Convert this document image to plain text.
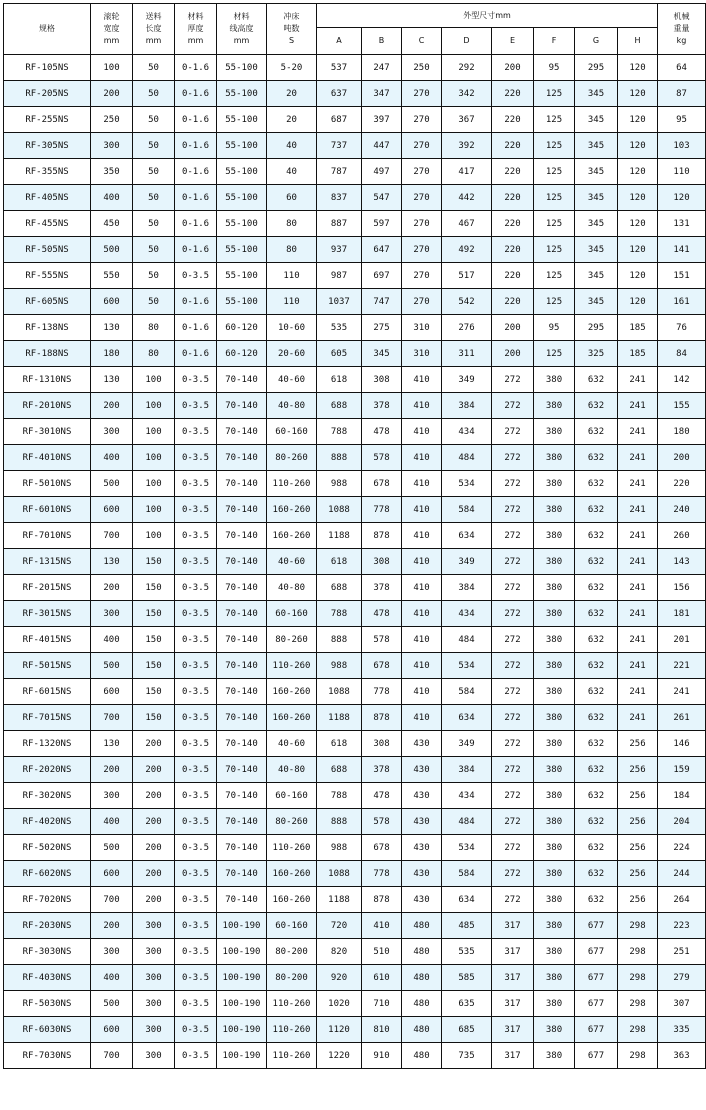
规格	滚轮
宽度
mm	送料
长度
mm	材料
厚度
mm	材料
线高度
mm	冲床
吨数
S	外型尺寸mm								机械
重量
kg

						A	B	C	D	E	F	G	H	
RF-105NS	100	50	0-1.6	55-100	5-20	537	247	250	292	200	95	295	120	64
RF-205NS	200	50	0-1.6	55-100	20	637	347	270	342	220	125	345	120	87
RF-255NS	250	50	0-1.6	55-100	20	687	397	270	367	220	125	345	120	95
RF-305NS	300	50	0-1.6	55-100	40	737	447	270	392	220	125	345	120	103
RF-355NS	350	50	0-1.6	55-100	40	787	497	270	417	220	125	345	120	110
RF-405NS	400	50	0-1.6	55-100	60	837	547	270	442	220	125	345	120	120
RF-455NS	450	50	0-1.6	55-100	80	887	597	270	467	220	125	345	120	131
RF-505NS	500	50	0-1.6	55-100	80	937	647	270	492	220	125	345	120	141
RF-555NS	550	50	0-3.5	55-100	110	987	697	270	517	220	125	345	120	151
RF-605NS	600	50	0-1.6	55-100	110	1037	747	270	542	220	125	345	120	161
RF-138NS	130	80	0-1.6	60-120	10-60	535	275	310	276	200	95	295	185	76
RF-188NS	180	80	0-1.6	60-120	20-60	605	345	310	311	200	125	325	185	84
RF-1310NS	130	100	0-3.5	70-140	40-60	618	308	410	349	272	380	632	241	142
RF-2010NS	200	100	0-3.5	70-140	40-80	688	378	410	384	272	380	632	241	155
RF-3010NS	300	100	0-3.5	70-140	60-160	788	478	410	434	272	380	632	241	180
RF-4010NS	400	100	0-3.5	70-140	80-260	888	578	410	484	272	380	632	241	200
RF-5010NS	500	100	0-3.5	70-140	110-260	988	678	410	534	272	380	632	241	220
RF-6010NS	600	100	0-3.5	70-140	160-260	1088	778	410	584	272	380	632	241	240
RF-7010NS	700	100	0-3.5	70-140	160-260	1188	878	410	634	272	380	632	241	260
RF-1315NS	130	150	0-3.5	70-140	40-60	618	308	410	349	272	380	632	241	143
RF-2015NS	200	150	0-3.5	70-140	40-80	688	378	410	384	272	380	632	241	156
RF-3015NS	300	150	0-3.5	70-140	60-160	788	478	410	434	272	380	632	241	181
RF-4015NS	400	150	0-3.5	70-140	80-260	888	578	410	484	272	380	632	241	201
RF-5015NS	500	150	0-3.5	70-140	110-260	988	678	410	534	272	380	632	241	221
RF-6015NS	600	150	0-3.5	70-140	160-260	1088	778	410	584	272	380	632	241	241
RF-7015NS	700	150	0-3.5	70-140	160-260	1188	878	410	634	272	380	632	241	261
RF-1320NS	130	200	0-3.5	70-140	40-60	618	308	430	349	272	380	632	256	146
RF-2020NS	200	200	0-3.5	70-140	40-80	688	378	430	384	272	380	632	256	159
RF-3020NS	300	200	0-3.5	70-140	60-160	788	478	430	434	272	380	632	256	184
RF-4020NS	400	200	0-3.5	70-140	80-260	888	578	430	484	272	380	632	256	204
RF-5020NS	500	200	0-3.5	70-140	110-260	988	678	430	534	272	380	632	256	224
RF-6020NS	600	200	0-3.5	70-140	160-260	1088	778	430	584	272	380	632	256	244
RF-7020NS	700	200	0-3.5	70-140	160-260	1188	878	430	634	272	380	632	256	264
RF-2030NS	200	300	0-3.5	100-190	60-160	720	410	480	485	317	380	677	298	223
RF-3030NS	300	300	0-3.5	100-190	80-200	820	510	480	535	317	380	677	298	251
RF-4030NS	400	300	0-3.5	100-190	80-200	920	610	480	585	317	380	677	298	279
RF-5030NS	500	300	0-3.5	100-190	110-260	1020	710	480	635	317	380	677	298	307
RF-6030NS	600	300	0-3.5	100-190	110-260	1120	810	480	685	317	380	677	298	335
RF-7030NS	700	300	0-3.5	100-190	110-260	1220	910	480	735	317	380	677	298	363
